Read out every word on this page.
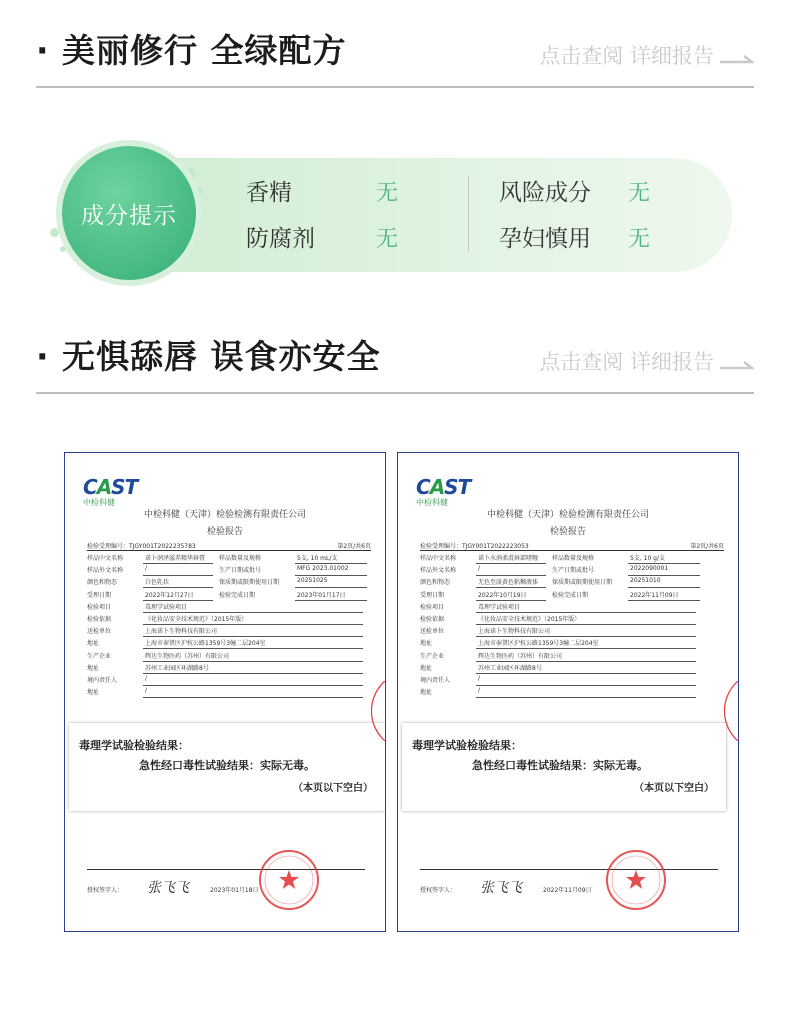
· 美丽修行 全绿配方	点击查阅 详细报告
成分提示
香精	无
防腐剂	无
风险成分 无
孕妇慎用 无
· 无惧舔唇 误食亦安全	点击查阅 详细报告
CAST
中检科健
中检科健（天津）检验检测有限责任公司
检验报告
检验受理编号：TJGY001T2022235783	第2页/共6页
毒理学试验检验结果：
急性经口毒性试验结果：实际无毒。
（本页以下空白）
授权签字人： 张飞飞	2023年01月18日
样品中文名称	诺卜润泽滋养精华唇膏 样品数量及规格	5支, 10 mL/支
样品外文名称	/	生产日期或批号	MFG 2023.01002
颜色和物态	白色乳状	保质期或限期使用日期	20251025
受理日期	2022年12月27日	检验完成日期	2023年01月17日
检验项目	毒理学试验项目
检验依据	《化妆品安全技术规范》（2015年版）
送检单位	上海诺卜生物科技有限公司
地址	上海市奉贤区沪杭公路1359号3幢二层204室
生产企业	辉达生物医药（苏州）有限公司
地址	苏州工业园区环湖路8号
境内责任人	/
地址	/
CAST
中检科健
中检科健（天津）检验检测有限责任公司
检验报告
检验受理编号：TJGY001T2022223053	第2页/共6页
毒理学试验检验结果：
急性经口毒性试验结果：实际无毒。
（本页以下空白）
授权签字人： 张飞飞	2022年11月09日
样品中文名称	诺卜水润柔滑唇部啫喱 样品数量及规格	5支, 10 g/支
样品外文名称	/	生产日期或批号	2022090001
颜色和物态	无色至淡黄色粘稠液体 保质期或限期使用日期	20251010
受理日期	2022年10月19日	检验完成日期	2022年11月09日
检验项目	毒理学试验项目
检验依据	《化妆品安全技术规范》（2015年版）
送检单位	上海诺卜生物科技有限公司
地址	上海市奉贤区沪杭公路1359号3幢二层204室
生产企业	辉达生物医药（苏州）有限公司
地址	苏州工业园区环湖路8号
境内责任人	/
地址	/
